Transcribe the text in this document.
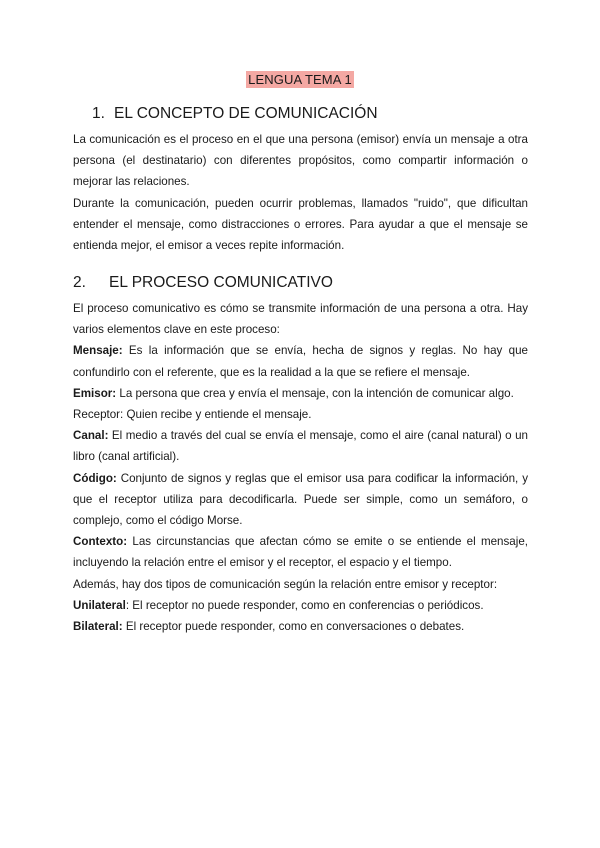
LENGUA TEMA 1
1. EL CONCEPTO DE COMUNICACIÓN

La comunicación es el proceso en el que una persona (emisor) envía un mensaje a otra persona (el destinatario) con diferentes propósitos, como compartir información o mejorar las relaciones.

Durante la comunicación, pueden ocurrir problemas, llamados "ruido", que dificultan entender el mensaje, como distracciones o errores. Para ayudar a que el mensaje se entienda mejor, el emisor a veces repite información.

2. EL PROCESO COMUNICATIVO

El proceso comunicativo es cómo se transmite información de una persona a otra. Hay varios elementos clave en este proceso:

Mensaje: Es la información que se envía, hecha de signos y reglas. No hay que confundirlo con el referente, que es la realidad a la que se refiere el mensaje.

Emisor: La persona que crea y envía el mensaje, con la intención de comunicar algo.

Receptor: Quien recibe y entiende el mensaje.

Canal: El medio a través del cual se envía el mensaje, como el aire (canal natural) o un libro (canal artificial).

Código: Conjunto de signos y reglas que el emisor usa para codificar la información, y que el receptor utiliza para decodificarla. Puede ser simple, como un semáforo, o complejo, como el código Morse.

Contexto: Las circunstancias que afectan cómo se emite o se entiende el mensaje, incluyendo la relación entre el emisor y el receptor, el espacio y el tiempo.

Además, hay dos tipos de comunicación según la relación entre emisor y receptor:

Unilateral: El receptor no puede responder, como en conferencias o periódicos.

Bilateral: El receptor puede responder, como en conversaciones o debates.
